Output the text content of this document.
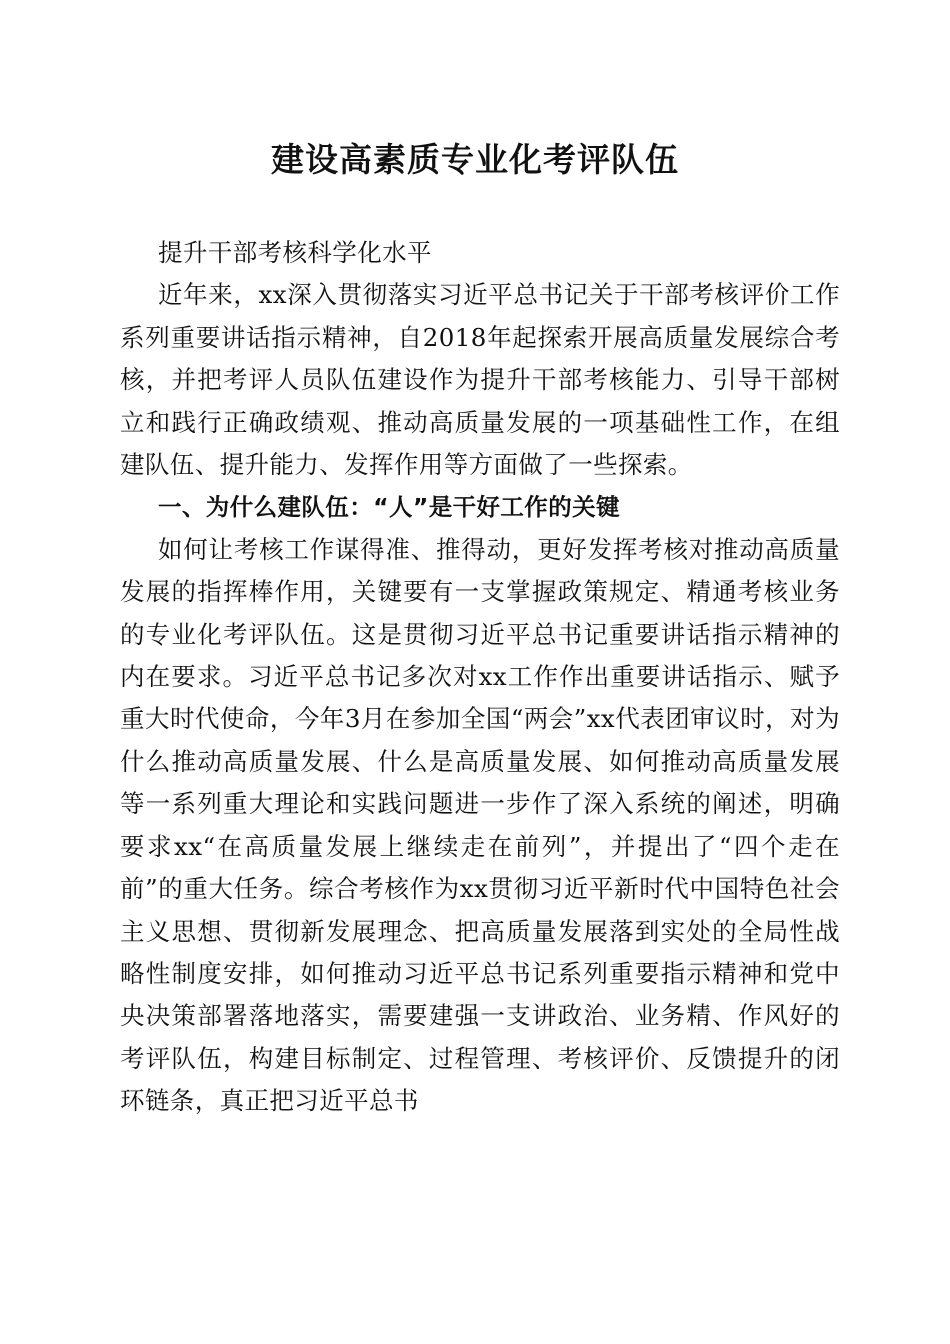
建设高素质专业化考评队伍

提升干部考核科学化水平

近年来，xx深入贯彻落实习近平总书记关于干部考核评价工作系列重要讲话指示精神，自2018年起探索开展高质量发展综合考核，并把考评人员队伍建设作为提升干部考核能力、引导干部树立和践行正确政绩观、推动高质量发展的一项基础性工作，在组建队伍、提升能力、发挥作用等方面做了一些探索。

一、为什么建队伍：“人”是干好工作的关键

如何让考核工作谋得准、推得动，更好发挥考核对推动高质量发展的指挥棒作用，关键要有一支掌握政策规定、精通考核业务的专业化考评队伍。这是贯彻习近平总书记重要讲话指示精神的内在要求。习近平总书记多次对xx工作作出重要讲话指示、赋予重大时代使命，今年3月在参加全国“两会”xx代表团审议时，对为什么推动高质量发展、什么是高质量发展、如何推动高质量发展等一系列重大理论和实践问题进一步作了深入系统的阐述，明确要求xx“在高质量发展上继续走在前列”，并提出了“四个走在前”的重大任务。综合考核作为xx贯彻习近平新时代中国特色社会主义思想、贯彻新发展理念、把高质量发展落到实处的全局性战略性制度安排，如何推动习近平总书记系列重要指示精神和党中央决策部署落地落实，需要建强一支讲政治、业务精、作风好的考评队伍，构建目标制定、过程管理、考核评价、反馈提升的闭环链条，真正把习近平总书
